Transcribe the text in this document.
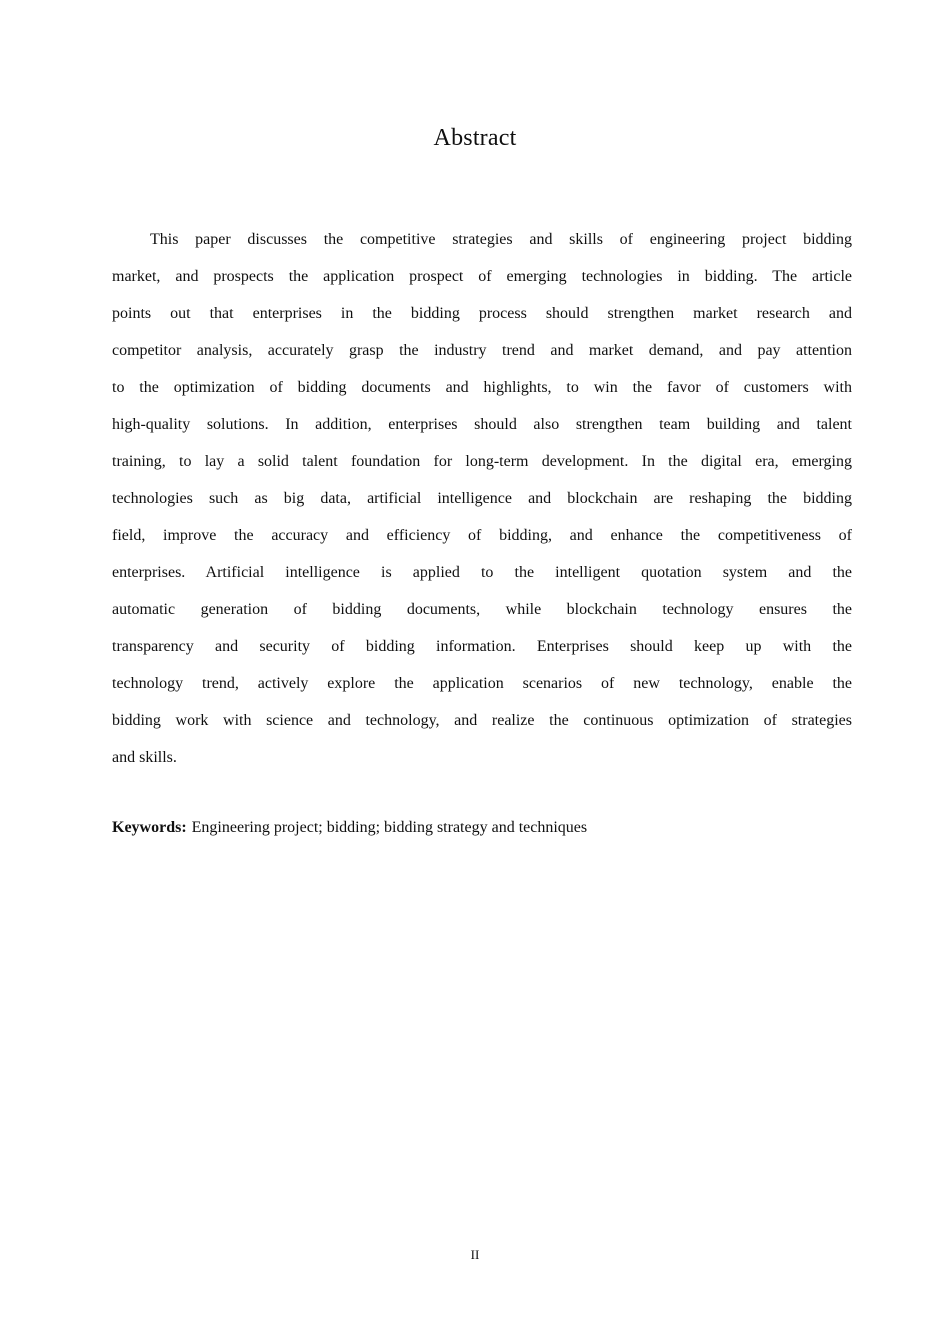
Abstract
This paper discusses the competitive strategies and skills of engineering project bidding
market, and prospects the application prospect of emerging technologies in bidding. The article
points out that enterprises in the bidding process should strengthen market research and
competitor analysis, accurately grasp the industry trend and market demand, and pay attention
to the optimization of bidding documents and highlights, to win the favor of customers with
high-quality solutions. In addition, enterprises should also strengthen team building and talent
training, to lay a solid talent foundation for long-term development. In the digital era, emerging
technologies such as big data, artificial intelligence and blockchain are reshaping the bidding
field, improve the accuracy and efficiency of bidding, and enhance the competitiveness of
enterprises. Artificial intelligence is applied to the intelligent quotation system and the
automatic generation of bidding documents, while blockchain technology ensures the
transparency and security of bidding information. Enterprises should keep up with the
technology trend, actively explore the application scenarios of new technology, enable the
bidding work with science and technology, and realize the continuous optimization of strategies
and skills.
Keywords: Engineering project; bidding; bidding strategy and techniques
II
